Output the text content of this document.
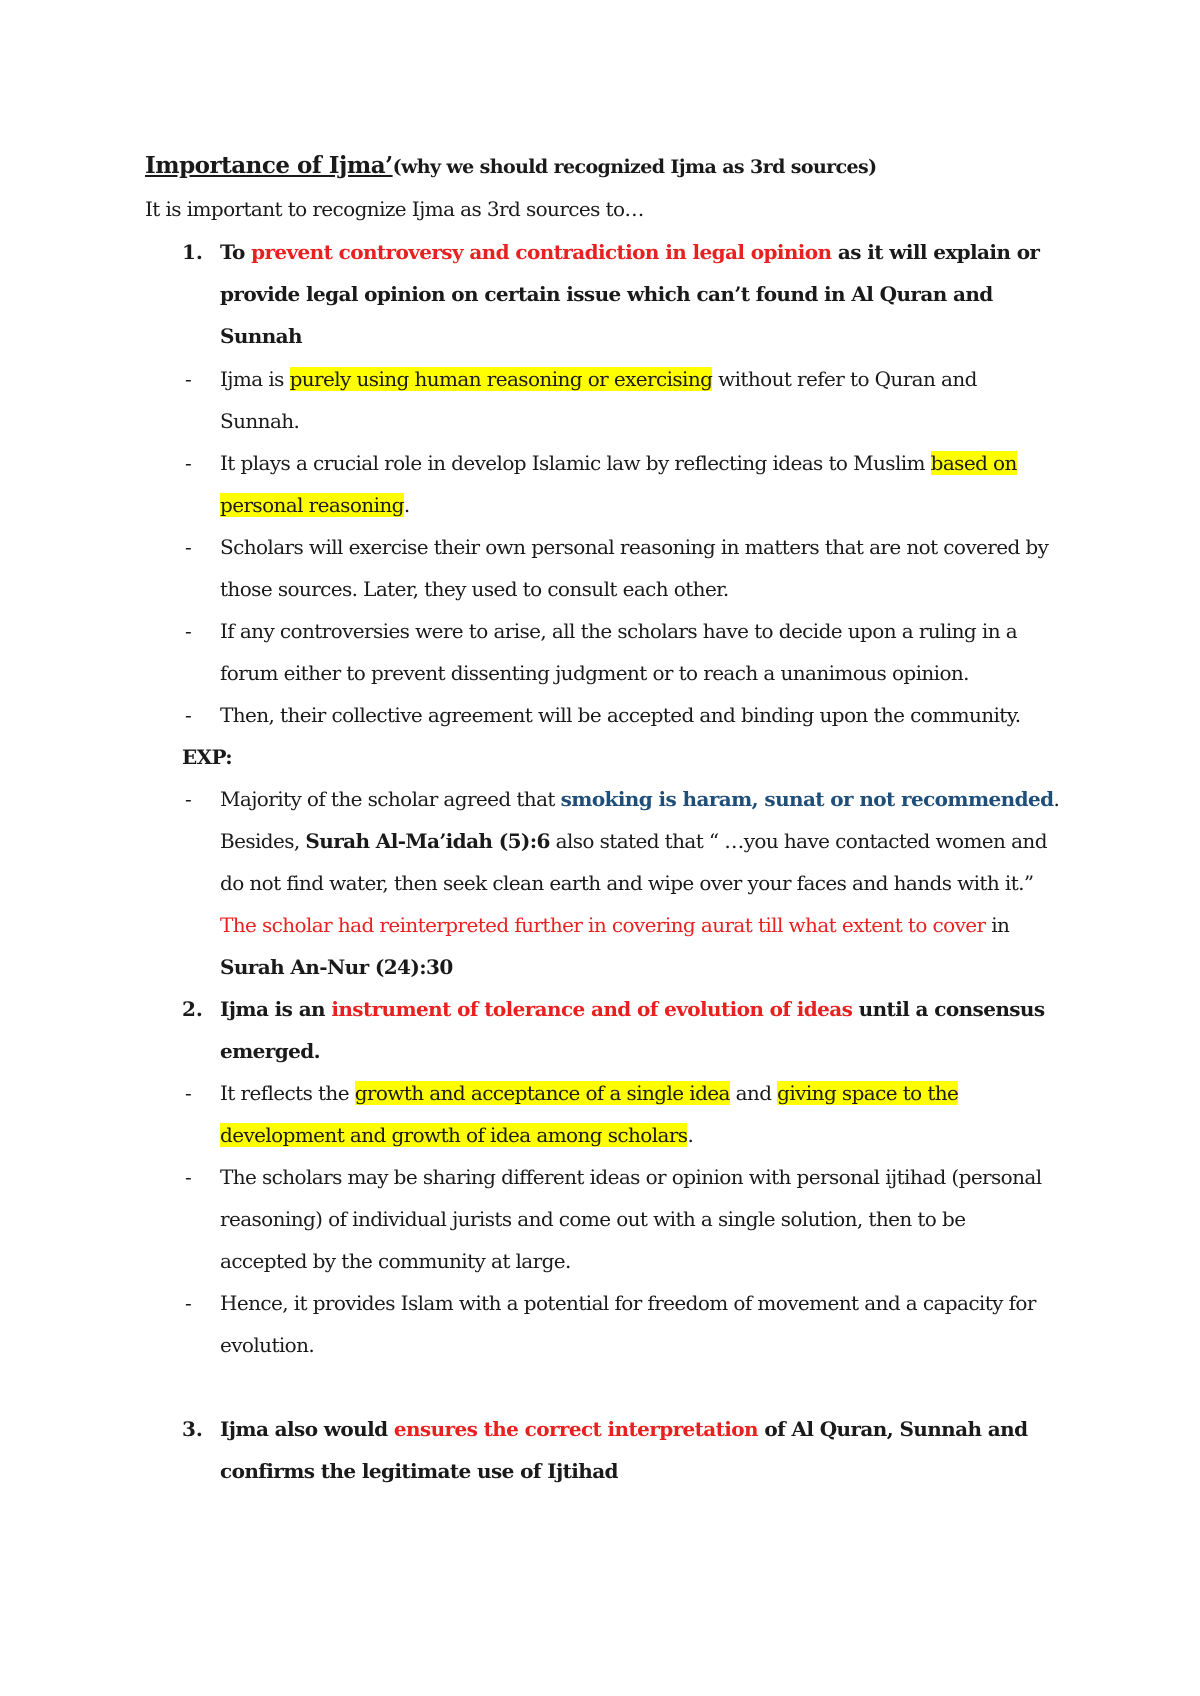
Importance of Ijma’(why we should recognized Ijma as 3rd sources)
It is important to recognize Ijma as 3rd sources to…
1. To prevent controversy and contradiction in legal opinion as it will explain or
provide legal opinion on certain issue which can’t found in Al Quran and
Sunnah
- Ijma is purely using human reasoning or exercising without refer to Quran and
Sunnah.
- It plays a crucial role in develop Islamic law by reflecting ideas to Muslim based on
personal reasoning.
- Scholars will exercise their own personal reasoning in matters that are not covered by
those sources. Later, they used to consult each other.
- If any controversies were to arise, all the scholars have to decide upon a ruling in a
forum either to prevent dissenting judgment or to reach a unanimous opinion.
- Then, their collective agreement will be accepted and binding upon the community.
EXP:
- Majority of the scholar agreed that smoking is haram, sunat or not recommended.
Besides, Surah Al-Ma’idah (5):6 also stated that “ …you have contacted women and
do not find water, then seek clean earth and wipe over your faces and hands with it.”
The scholar had reinterpreted further in covering aurat till what extent to cover in
Surah An-Nur (24):30
2. Ijma is an instrument of tolerance and of evolution of ideas until a consensus
emerged.
- It reflects the growth and acceptance of a single idea and giving space to the
development and growth of idea among scholars.
- The scholars may be sharing different ideas or opinion with personal ijtihad (personal
reasoning) of individual jurists and come out with a single solution, then to be
accepted by the community at large.
- Hence, it provides Islam with a potential for freedom of movement and a capacity for
evolution.
3. Ijma also would ensures the correct interpretation of Al Quran, Sunnah and
confirms the legitimate use of Ijtihad
